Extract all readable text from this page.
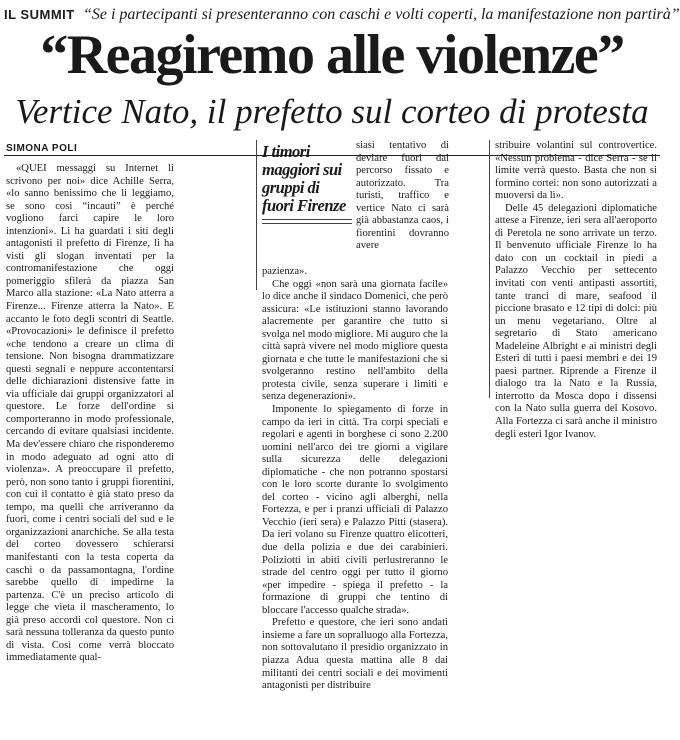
IL SUMMIT “Se i partecipanti si presenteranno con caschi e volti coperti, la manifestazione non partirà”
“Reagiremo alle violenze”
Vertice Nato, il prefetto sul corteo di protesta
SIMONA POLI

«QUEI messaggi su Internet li scrivono per noi» dice Achille Serra, «lo sanno benissimo che li leggiamo, se sono così “incauti” è perché vogliono farci capire le loro intenzioni». Li ha guardati i siti degli antagonisti il prefetto di Firenze, li ha visti gli slogan inventati per la contromanifestazione che oggi pomeriggio sfilerà da piazza San Marco alla stazione: «La Nato atterra a Firenze... Firenze atterra la Nato». E accanto le foto degli scontri di Seattle. «Provocazioni» le definisce il prefetto «che tendono a creare un clima di tensione. Non bisogna drammatizzare questi segnali e neppure accontentarsi delle dichiarazioni distensive fatte in via ufficiale dai gruppi organizzatori al questore. Le forze dell'ordine si comporteranno in modo professionale, cercando di evitare qualsiasi incidente. Ma dev'essere chiaro che risponderemo in modo adeguato ad ogni atto di violenza». A preoccupare il prefetto, però, non sono tanto i gruppi fiorentini, con cui il contatto è già stato preso da tempo, ma quelli che arriveranno da fuori, come i centri sociali del sud e le organizzazioni anarchiche. Se alla testa del corteo dovessero schierarsi manifestanti con la testa coperta da caschi o da passamontagna, l'ordine sarebbe quello di impedirne la partenza. C'è un preciso articolo di legge che vieta il mascheramento, lo già preso accordi col questore. Non ci sarà nessuna tolleranza da questo punto di vista. Così come verrà bloccato immediatamente qual-

I timori maggiori sui gruppi di fuori Firenze
siasi tentativo di deviare fuori dal percorso fissato e autorizzato. Tra turisti, traffico e vertice Nato ci sarà già abbastanza caos, i fiorentini dovranno avere

pazienza».

Che oggi «non sarà una giornata facile» lo dice anche il sindaco Domenici, che però assicura: «Le istituzioni stanno lavorando alacremente per garantire che tutto si svolga nel modo migliore. Mi auguro che la città saprà vivere nel modo migliore questa giornata e che tutte le manifestazioni che si svolgeranno restino nell'ambito della protesta civile, senza superare i limiti e senza degenerazioni».

Imponente lo spiegamento di forze in campo da ieri in città. Tra corpi speciali e regolari e agenti in borghese ci sono 2.200 uomini nell'arco dei tre giorni a vigilare sulla sicurezza delle delegazioni diplomatiche - che non potranno spostarsi con le loro scorte durante lo svolgimento del corteo - vicino agli alberghi, nella Fortezza, e per i pranzi ufficiali di Palazzo Vecchio (ieri sera) e Palazzo Pitti (stasera). Da ieri volano su Firenze quattro elicotteri, due della polizia e due dei carabinieri. Poliziotti in abiti civili perlustreranno le strade del centro oggi per tutto il giorno «per impedire - spiega il prefetto - la formazione di gruppi che tentino di bloccare l'accesso qualche strada».

Prefetto e questore, che ieri sono andati insieme a fare un sopralluogo alla Fortezza, non sottovalutano il presidio organizzato in piazza Adua questa mattina alle 8 dai militanti dei centri sociali e dei movimenti antagonisti per distribuire

stribuire volantini sul controvertice. «Nessun problema - dice Serra - se il limite verrà questo. Basta che non si formino cortei: non sono autorizzati a muoversi da lì».

Delle 45 delegazioni diplomatiche attese a Firenze, ieri sera all'aeroporto di Peretola ne sono arrivate un terzo. Il benvenuto ufficiale Firenze lo ha dato con un cocktail in piedi a Palazzo Vecchio per settecento invitati con venti antipasti assortiti, tante tranci di mare, seafood il piccione brasato e 12 tipi di dolci: più un menu vegetariano. Oltre al segretario di Stato americano Madeleine Albright e ai ministri degli Esteri di tutti i paesi membri e dei 19 paesi partner. Riprende a Firenze il dialogo tra la Nato e la Russia, interrotto da Mosca dopo i dissensi con la Nato sulla guerra del Kosovo. Alla Fortezza ci sarà anche il ministro degli esteri Igor Ivanov.
